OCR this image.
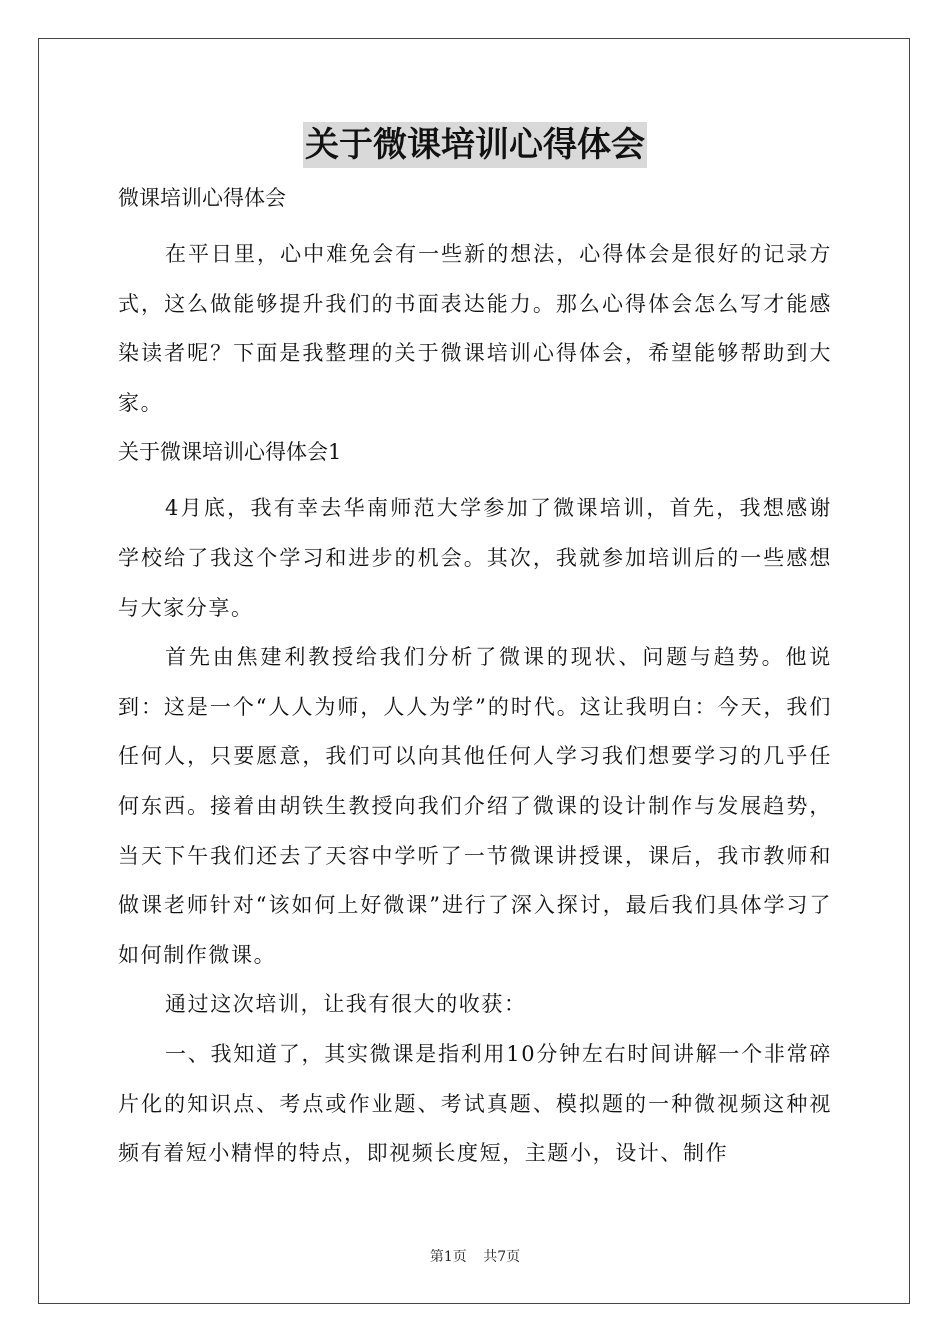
关于微课培训心得体会

微课培训心得体会

在平日里，心中难免会有一些新的想法，心得体会是很好的记录方式，这么做能够提升我们的书面表达能力。那么心得体会怎么写才能感染读者呢？下面是我整理的关于微课培训心得体会，希望能够帮助到大家。

关于微课培训心得体会1

4月底，我有幸去华南师范大学参加了微课培训，首先，我想感谢学校给了我这个学习和进步的机会。其次，我就参加培训后的一些感想与大家分享。

首先由焦建利教授给我们分析了微课的现状、问题与趋势。他说到：这是一个“人人为师，人人为学”的时代。这让我明白：今天，我们任何人，只要愿意，我们可以向其他任何人学习我们想要学习的几乎任何东西。接着由胡铁生教授向我们介绍了微课的设计制作与发展趋势，当天下午我们还去了天容中学听了一节微课讲授课，课后，我市教师和做课老师针对“该如何上好微课”进行了深入探讨，最后我们具体学习了如何制作微课。

通过这次培训，让我有很大的收获：

一、我知道了，其实微课是指利用10分钟左右时间讲解一个非常碎片化的知识点、考点或作业题、考试真题、模拟题的一种微视频这种视频有着短小精悍的特点，即视频长度短，主题小，设计、制作

第1页 共7页
